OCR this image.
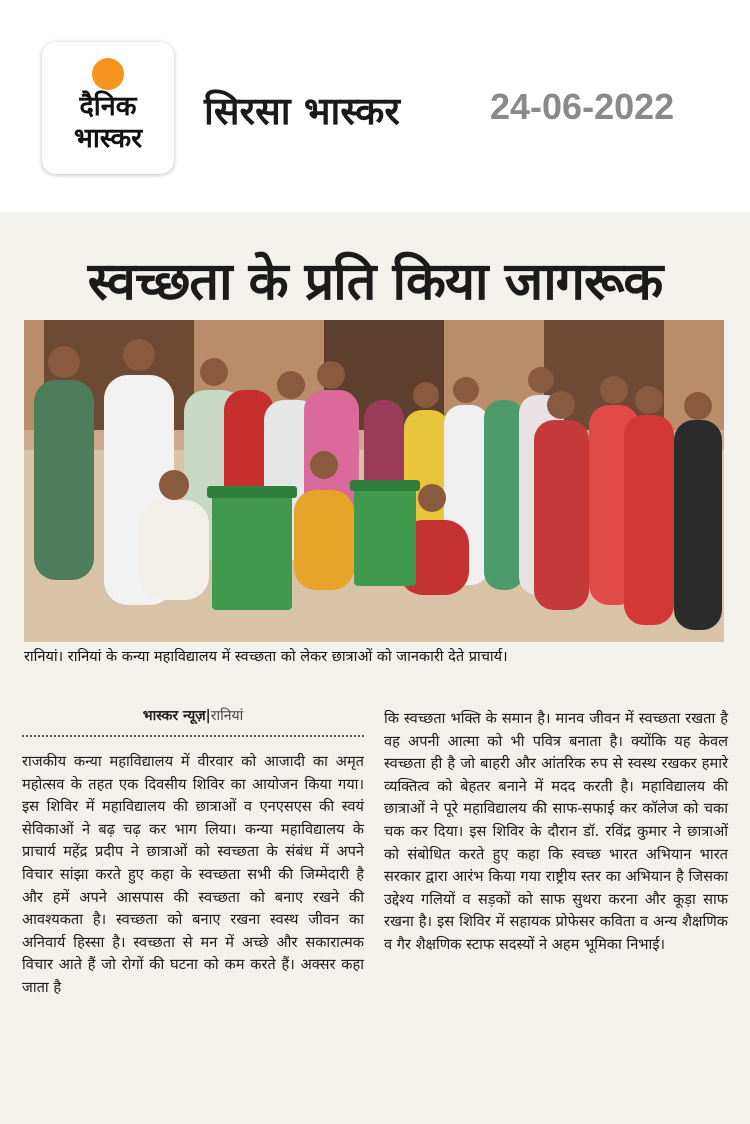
दैनिक
भास्कर
सिरसा भास्कर	24-06-2022
स्वच्छता के प्रति किया जागरूक
रानियां। रानियां के कन्या महाविद्यालय में स्वच्छता को लेकर छात्राओं को जानकारी देते प्राचार्य।
भास्कर न्यूज़|रानियां

राजकीय कन्या महाविद्यालय में वीरवार को आजादी का अमृत महोत्सव के तहत एक दिवसीय शिविर का आयोजन किया गया। इस शिविर में महाविद्यालय की छात्राओं व एनएसएस की स्वयं सेविकाओं ने बढ़ चढ़ कर भाग लिया। कन्या महाविद्यालय के प्राचार्य महेंद्र प्रदीप ने छात्राओं को स्वच्छता के संबंध में अपने विचार सांझा करते हुए कहा के स्वच्छता सभी की जिम्मेदारी है और हमें अपने आसपास की स्वच्छता को बनाए रखने की आवश्यकता है। स्वच्छता को बनाए रखना स्वस्थ जीवन का अनिवार्य हिस्सा है। स्वच्छता से मन में अच्छे और सकारात्मक विचार आते हैं जो रोगों की घटना को कम करते हैं। अक्सर कहा जाता है

कि स्वच्छता भक्ति के समान है। मानव जीवन में स्वच्छता रखता है वह अपनी आत्मा को भी पवित्र बनाता है। क्योंकि यह केवल स्वच्छता ही है जो बाहरी और आंतरिक रुप से स्वस्थ रखकर हमारे व्यक्तित्व को बेहतर बनाने में मदद करती है। महाविद्यालय की छात्राओं ने पूरे महाविद्यालय की साफ-सफाई कर कॉलेज को चका चक कर दिया। इस शिविर के दौरान डॉ. रविंद्र कुमार ने छात्राओं को संबोधित करते हुए कहा कि स्वच्छ भारत अभियान भारत सरकार द्वारा आरंभ किया गया राष्ट्रीय स्तर का अभियान है जिसका उद्देश्य गलियों व सड़कों को साफ सुथरा करना और कूड़ा साफ रखना है। इस शिविर में सहायक प्रोफेसर कविता व अन्य शैक्षणिक व गैर शैक्षणिक स्टाफ सदस्यों ने अहम भूमिका निभाई।
